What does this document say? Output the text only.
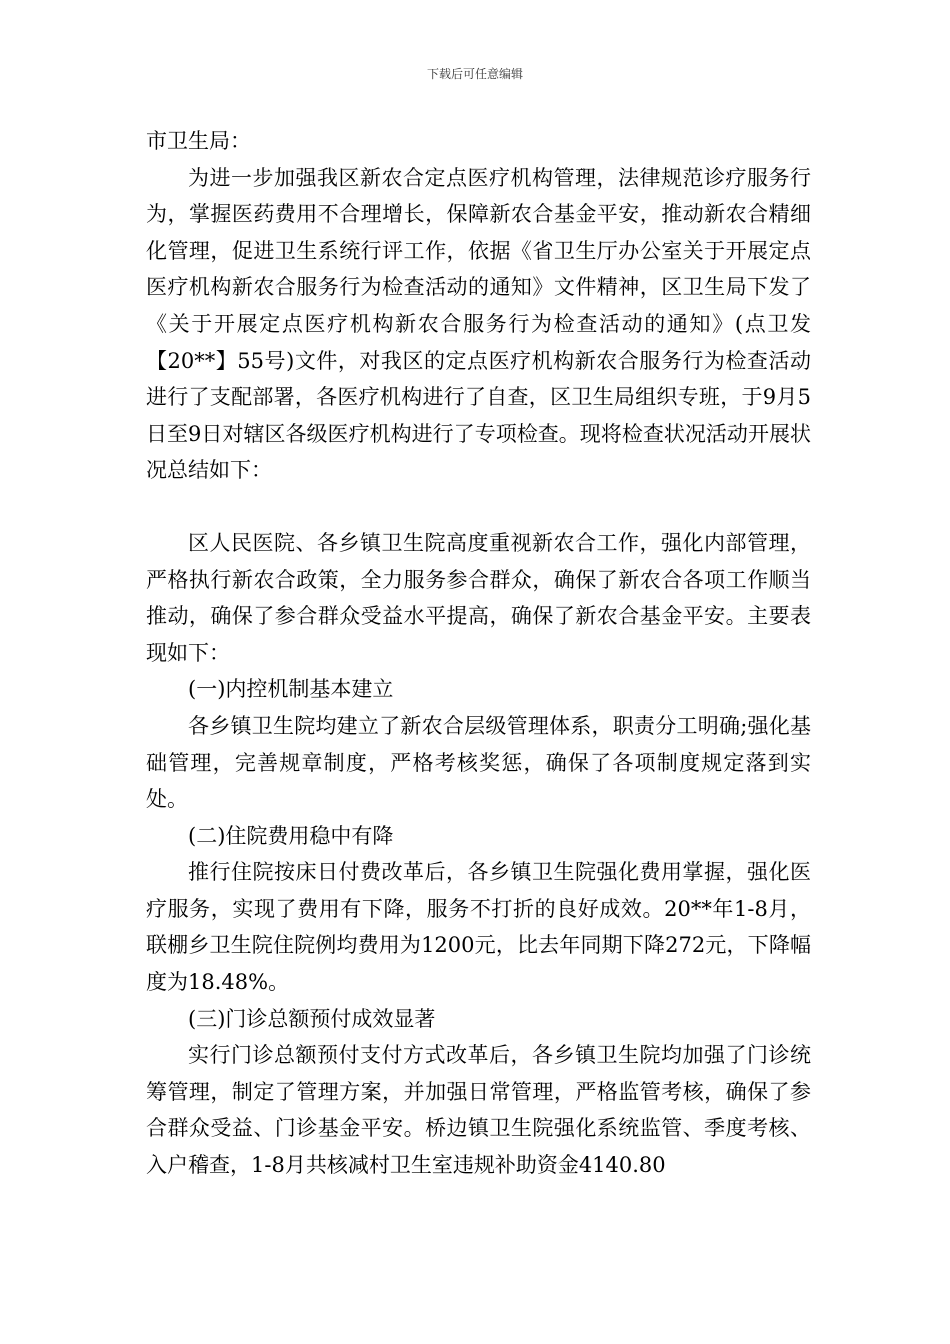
下载后可任意编辑

市卫生局：

为进一步加强我区新农合定点医疗机构管理，法律规范诊疗服务行为，掌握医药费用不合理增长，保障新农合基金平安，推动新农合精细化管理，促进卫生系统行评工作，依据《省卫生厅办公室关于开展定点医疗机构新农合服务行为检查活动的通知》文件精神，区卫生局下发了《关于开展定点医疗机构新农合服务行为检查活动的通知》(点卫发【20**】55号)文件，对我区的定点医疗机构新农合服务行为检查活动进行了支配部署，各医疗机构进行了自查，区卫生局组织专班，于9月5日至9日对辖区各级医疗机构进行了专项检查。现将检查状况活动开展状况总结如下：

区人民医院、各乡镇卫生院高度重视新农合工作，强化内部管理，严格执行新农合政策，全力服务参合群众，确保了新农合各项工作顺当推动，确保了参合群众受益水平提高，确保了新农合基金平安。主要表现如下：

(一)内控机制基本建立

各乡镇卫生院均建立了新农合层级管理体系，职责分工明确;强化基础管理，完善规章制度，严格考核奖惩，确保了各项制度规定落到实处。

(二)住院费用稳中有降

推行住院按床日付费改革后，各乡镇卫生院强化费用掌握，强化医疗服务，实现了费用有下降，服务不打折的良好成效。20**年1-8月，联棚乡卫生院住院例均费用为1200元，比去年同期下降272元，下降幅度为18.48%。

(三)门诊总额预付成效显著

实行门诊总额预付支付方式改革后，各乡镇卫生院均加强了门诊统筹管理，制定了管理方案，并加强日常管理，严格监管考核，确保了参合群众受益、门诊基金平安。桥边镇卫生院强化系统监管、季度考核、入户稽查，1-8月共核减村卫生室违规补助资金4140.80
